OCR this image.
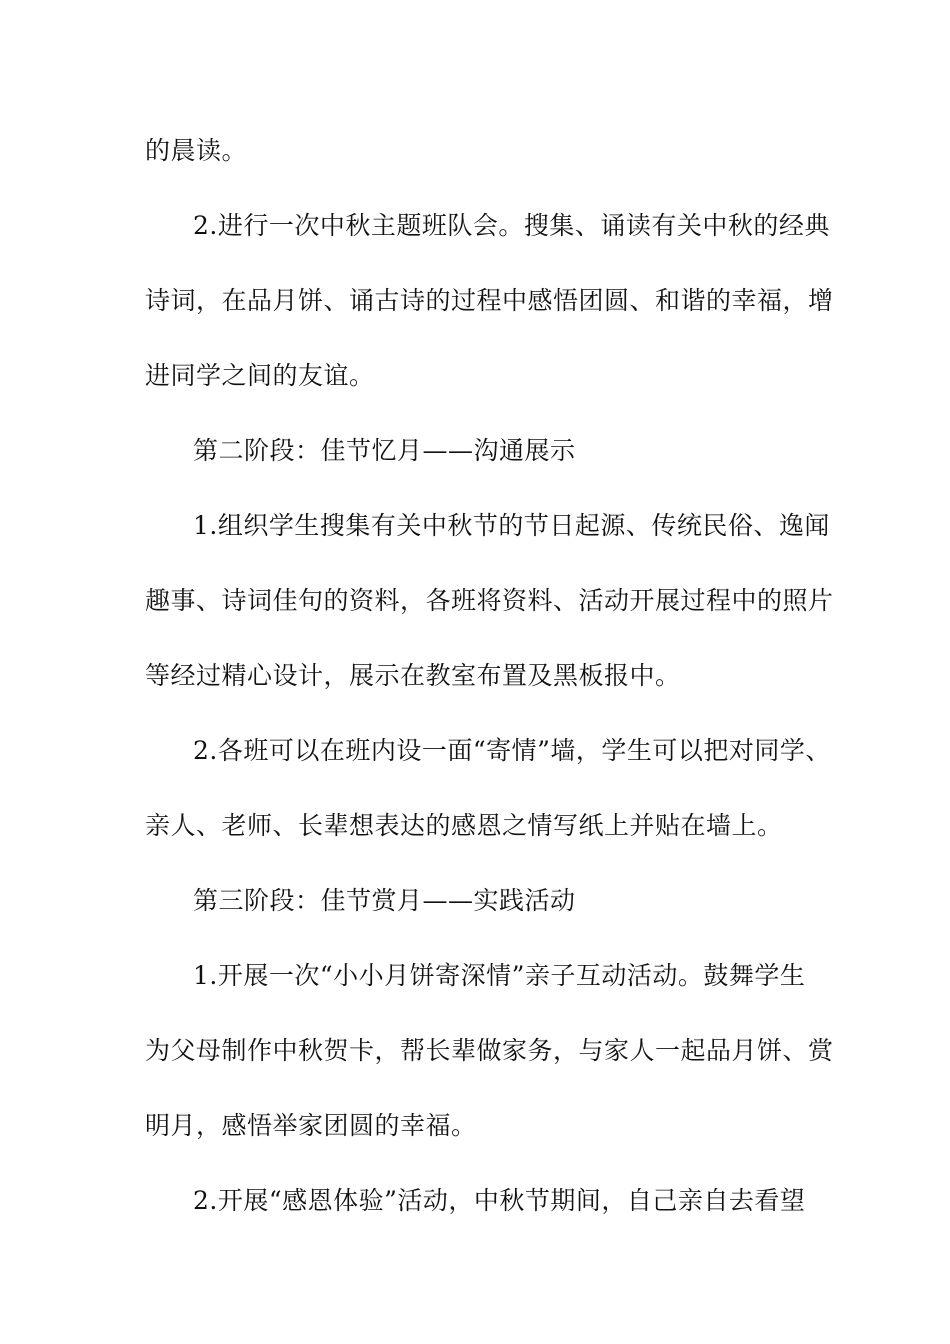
的晨读。
2.进行一次中秋主题班队会。搜集、诵读有关中秋的经典
诗词，在品月饼、诵古诗的过程中感悟团圆、和谐的幸福，增
进同学之间的友谊。
第二阶段：佳节忆月——沟通展示
1.组织学生搜集有关中秋节的节日起源、传统民俗、逸闻
趣事、诗词佳句的资料，各班将资料、活动开展过程中的照片
等经过精心设计，展示在教室布置及黑板报中。
2.各班可以在班内设一面“寄情”墙，学生可以把对同学、
亲人、老师、长辈想表达的感恩之情写纸上并贴在墙上。
第三阶段：佳节赏月——实践活动
1.开展一次“小小月饼寄深情”亲子互动活动。鼓舞学生
为父母制作中秋贺卡，帮长辈做家务，与家人一起品月饼、赏
明月，感悟举家团圆的幸福。
2.开展“感恩体验”活动，中秋节期间，自己亲自去看望
